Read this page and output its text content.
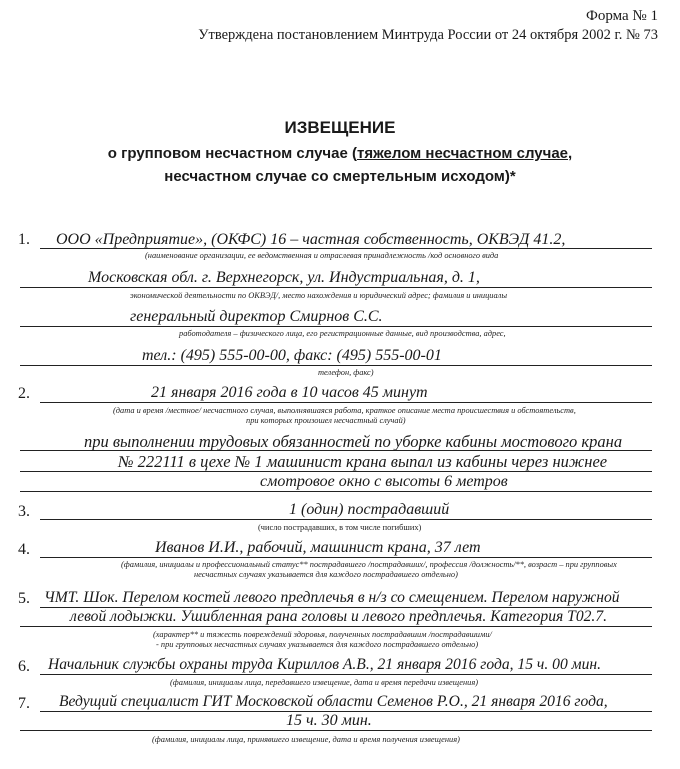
Форма № 1
Утверждена постановлением Минтруда России от 24 октября 2002 г. № 73
ИЗВЕЩЕНИЕ
о групповом несчастном случае (тяжелом несчастном случае,
несчастном случае со смертельным исходом)*
1. ООО «Предприятие», (ОКФС) 16 – частная собственность, ОКВЭД 41.2,
(наименование организации, ее ведомственная и отраслевая принадлежность /код основного вида
Московская обл. г. Верхнегорск, ул. Индустриальная, д. 1,
экономической деятельности по ОКВЭД/, место нахождения и юридический адрес; фамилия и инициалы
генеральный директор Смирнов С.С.
работодателя – физического лица, его регистрационные данные, вид производства, адрес,
тел.: (495) 555-00-00, факс: (495) 555-00-01
телефон, факс)
2.	21 января 2016 года в 10 часов 45 минут
(дата и время /местное/ несчастного случая, выполнявшаяся работа, краткое описание места происшествия и обстоятельств,
при которых произошел несчастный случай)
при выполнении трудовых обязанностей по уборке кабины мостового крана
№ 222111 в цехе № 1 машинист крана выпал из кабины через нижнее
смотровое окно с высоты 6 метров
3.	1 (один) пострадавший
(число пострадавших, в том числе погибших)
4.	Иванов И.И., рабочий, машинист крана, 37 лет
(фамилия, инициалы и профессиональный статус** пострадавшего /пострадавших/, профессия /должность/**, возраст – при групповых
несчастных случаях указывается для каждого пострадавшего отдельно)
5. ЧМТ. Шок. Перелом костей левого предплечья в н/з со смещением. Перелом наружной
левой лодыжки. Ушибленная рана головы и левого предплечья. Категория Т02.7.
(характер** и тяжесть повреждений здоровья, полученных пострадавшим /пострадавшими/
- при групповых несчастных случаях указывается для каждого пострадавшего отдельно)
6. Начальник службы охраны труда Кириллов А.В., 21 января 2016 года, 15 ч. 00 мин.
(фамилия, инициалы лица, передавшего извещение, дата и время передачи извещения)
7. Ведущий специалист ГИТ Московской области Семенов Р.О., 21 января 2016 года,
15 ч. 30 мин.
(фамилия, инициалы лица, принявшего извещение, дата и время получения извещения)
